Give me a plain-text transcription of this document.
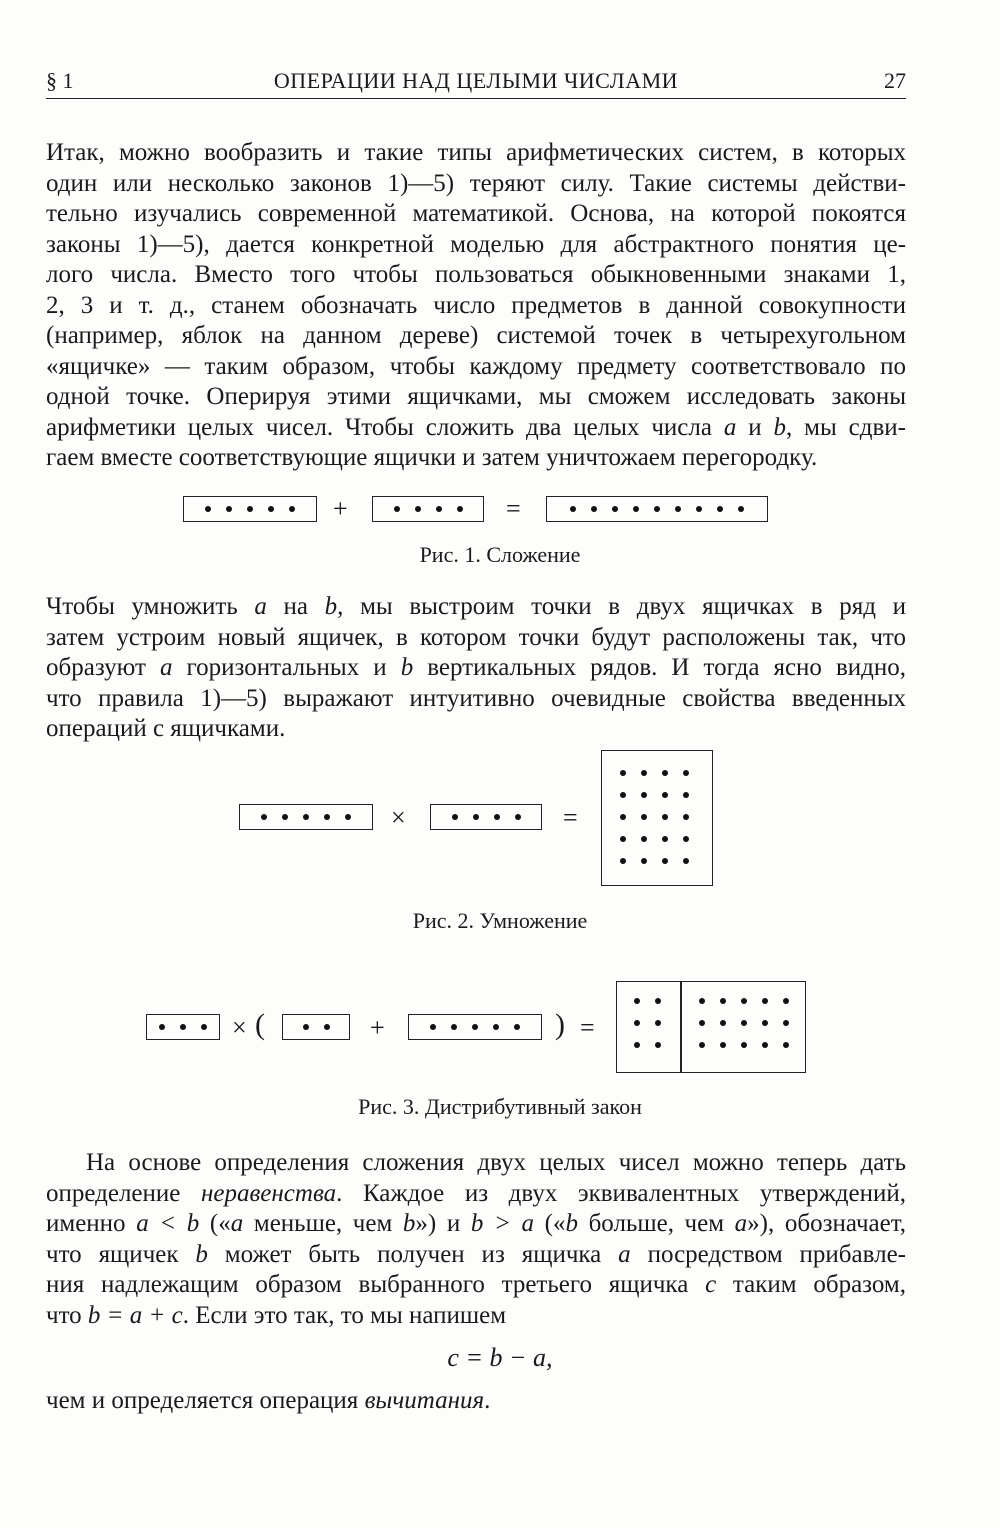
§ 1	ОПЕРАЦИИ НАД ЦЕЛЫМИ ЧИСЛАМИ	27
Итак, можно вообразить и такие типы арифметических систем, в которых
один или несколько законов 1)—5) теряют силу. Такие системы действи-
тельно изучались современной математикой. Основа, на которой покоятся
законы 1)—5), дается конкретной моделью для абстрактного понятия це-
лого числа. Вместо того чтобы пользоваться обыкновенными знаками 1,
2, 3 и т. д., станем обозначать число предметов в данной совокупности
(например, яблок на данном дереве) системой точек в четырехугольном
«ящичке» — таким образом, чтобы каждому предмету соответствовало по
одной точке. Оперируя этими ящичками, мы сможем исследовать законы
арифметики целых чисел. Чтобы сложить два целых числа a и b, мы сдви-
гаем вместе соответствующие ящички и затем уничтожаем перегородку.
+	=
Рис. 1. Сложение
Чтобы умножить a на b, мы выстроим точки в двух ящичках в ряд и
затем устроим новый ящичек, в котором точки будут расположены так, что
образуют a горизонтальных и b вертикальных рядов. И тогда ясно видно,
что правила 1)—5) выражают интуитивно очевидные свойства введенных
операций с ящичками.
×	=
Рис. 2. Умножение
× (	+	) =
Рис. 3. Дистрибутивный закон
На основе определения сложения двух целых чисел можно теперь дать
определение неравенства. Каждое из двух эквивалентных утверждений,
именно a < b («a меньше, чем b») и b > a («b больше, чем a»), обозначает,
что ящичек b может быть получен из ящичка a посредством прибавле-
ния надлежащим образом выбранного третьего ящичка c таким образом,
что b = a + c. Если это так, то мы напишем
c = b − a,
чем и определяется операция вычитания.
